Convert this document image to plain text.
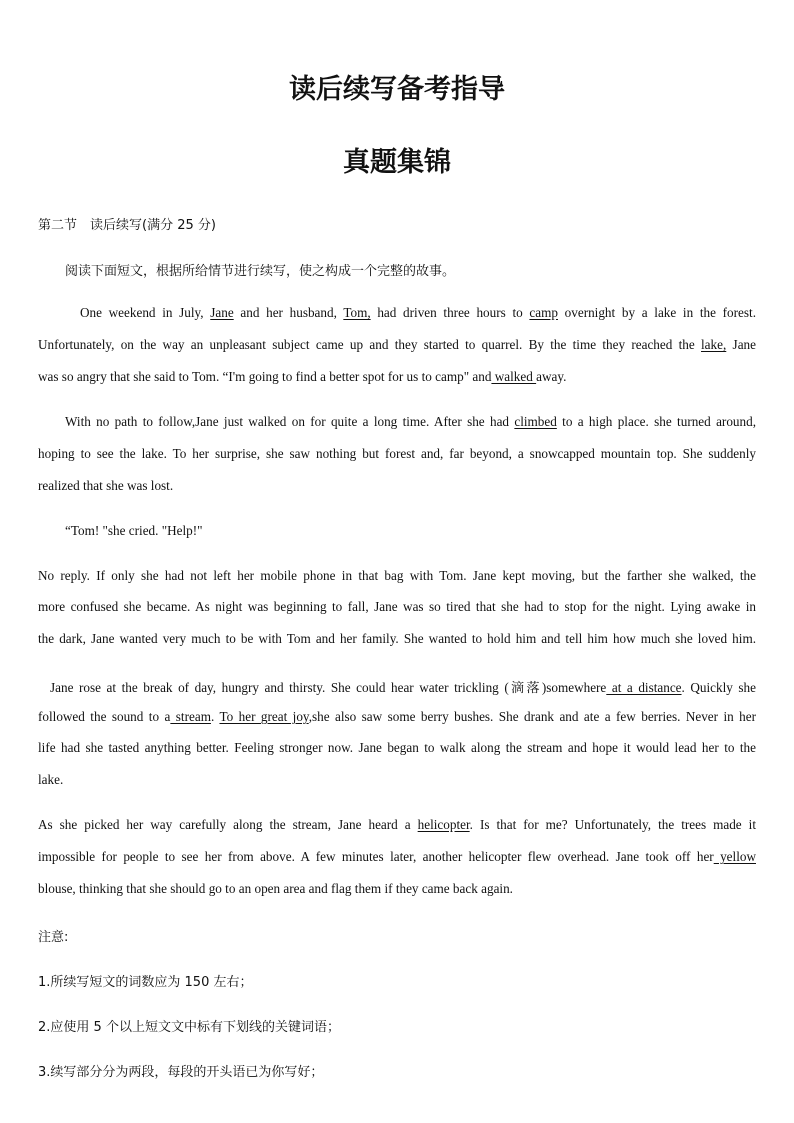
读后续写备考指导
真题集锦
第二节　读后续写(满分 25 分)
阅读下面短文，根据所给情节进行续写，使之构成一个完整的故事。
One weekend in July, Jane and her husband, Tom, had driven three hours to camp overnight by a lake in the forest.
Unfortunately, on the way an unpleasant subject came up and they started to quarrel. By the time they reached the lake, Jane
was so angry that she said to Tom. “I'm going to find a better spot for us to camp" and walked away.
With no path to follow,Jane just walked on for quite a long time. After she had climbed to a high place. she turned around,
hoping to see the lake. To her surprise, she saw nothing but forest and, far beyond, a snowcapped mountain top. She suddenly
realized that she was lost.
“Tom! "she cried. "Help!"
No reply. If only she had not left her mobile phone in that bag with Tom. Jane kept moving, but the farther she walked, the
more confused she became. As night was beginning to fall, Jane was so tired that she had to stop for the night. Lying awake in
the dark, Jane wanted very much to be with Tom and her family. She wanted to hold him and tell him how much she loved him.
Jane rose at the break of day, hungry and thirsty. She could hear water trickling (滴落)somewhere at a distance. Quickly she
followed the sound to a stream. To her great joy,she also saw some berry bushes. She drank and ate a few berries. Never in her
life had she tasted anything better. Feeling stronger now. Jane began to walk along the stream and hope it would lead her to the
lake.
As she picked her way carefully along the stream, Jane heard a helicopter. Is that for me? Unfortunately, the trees made it
impossible for people to see her from above. A few minutes later, another helicopter flew overhead. Jane took off her yellow
blouse, thinking that she should go to an open area and flag them if they came back again.
注意:
1.所续写短文的词数应为 150 左右；
2.应使用 5 个以上短文文中标有下划线的关键词语；
3.续写部分分为两段，每段的开头语已为你写好；
